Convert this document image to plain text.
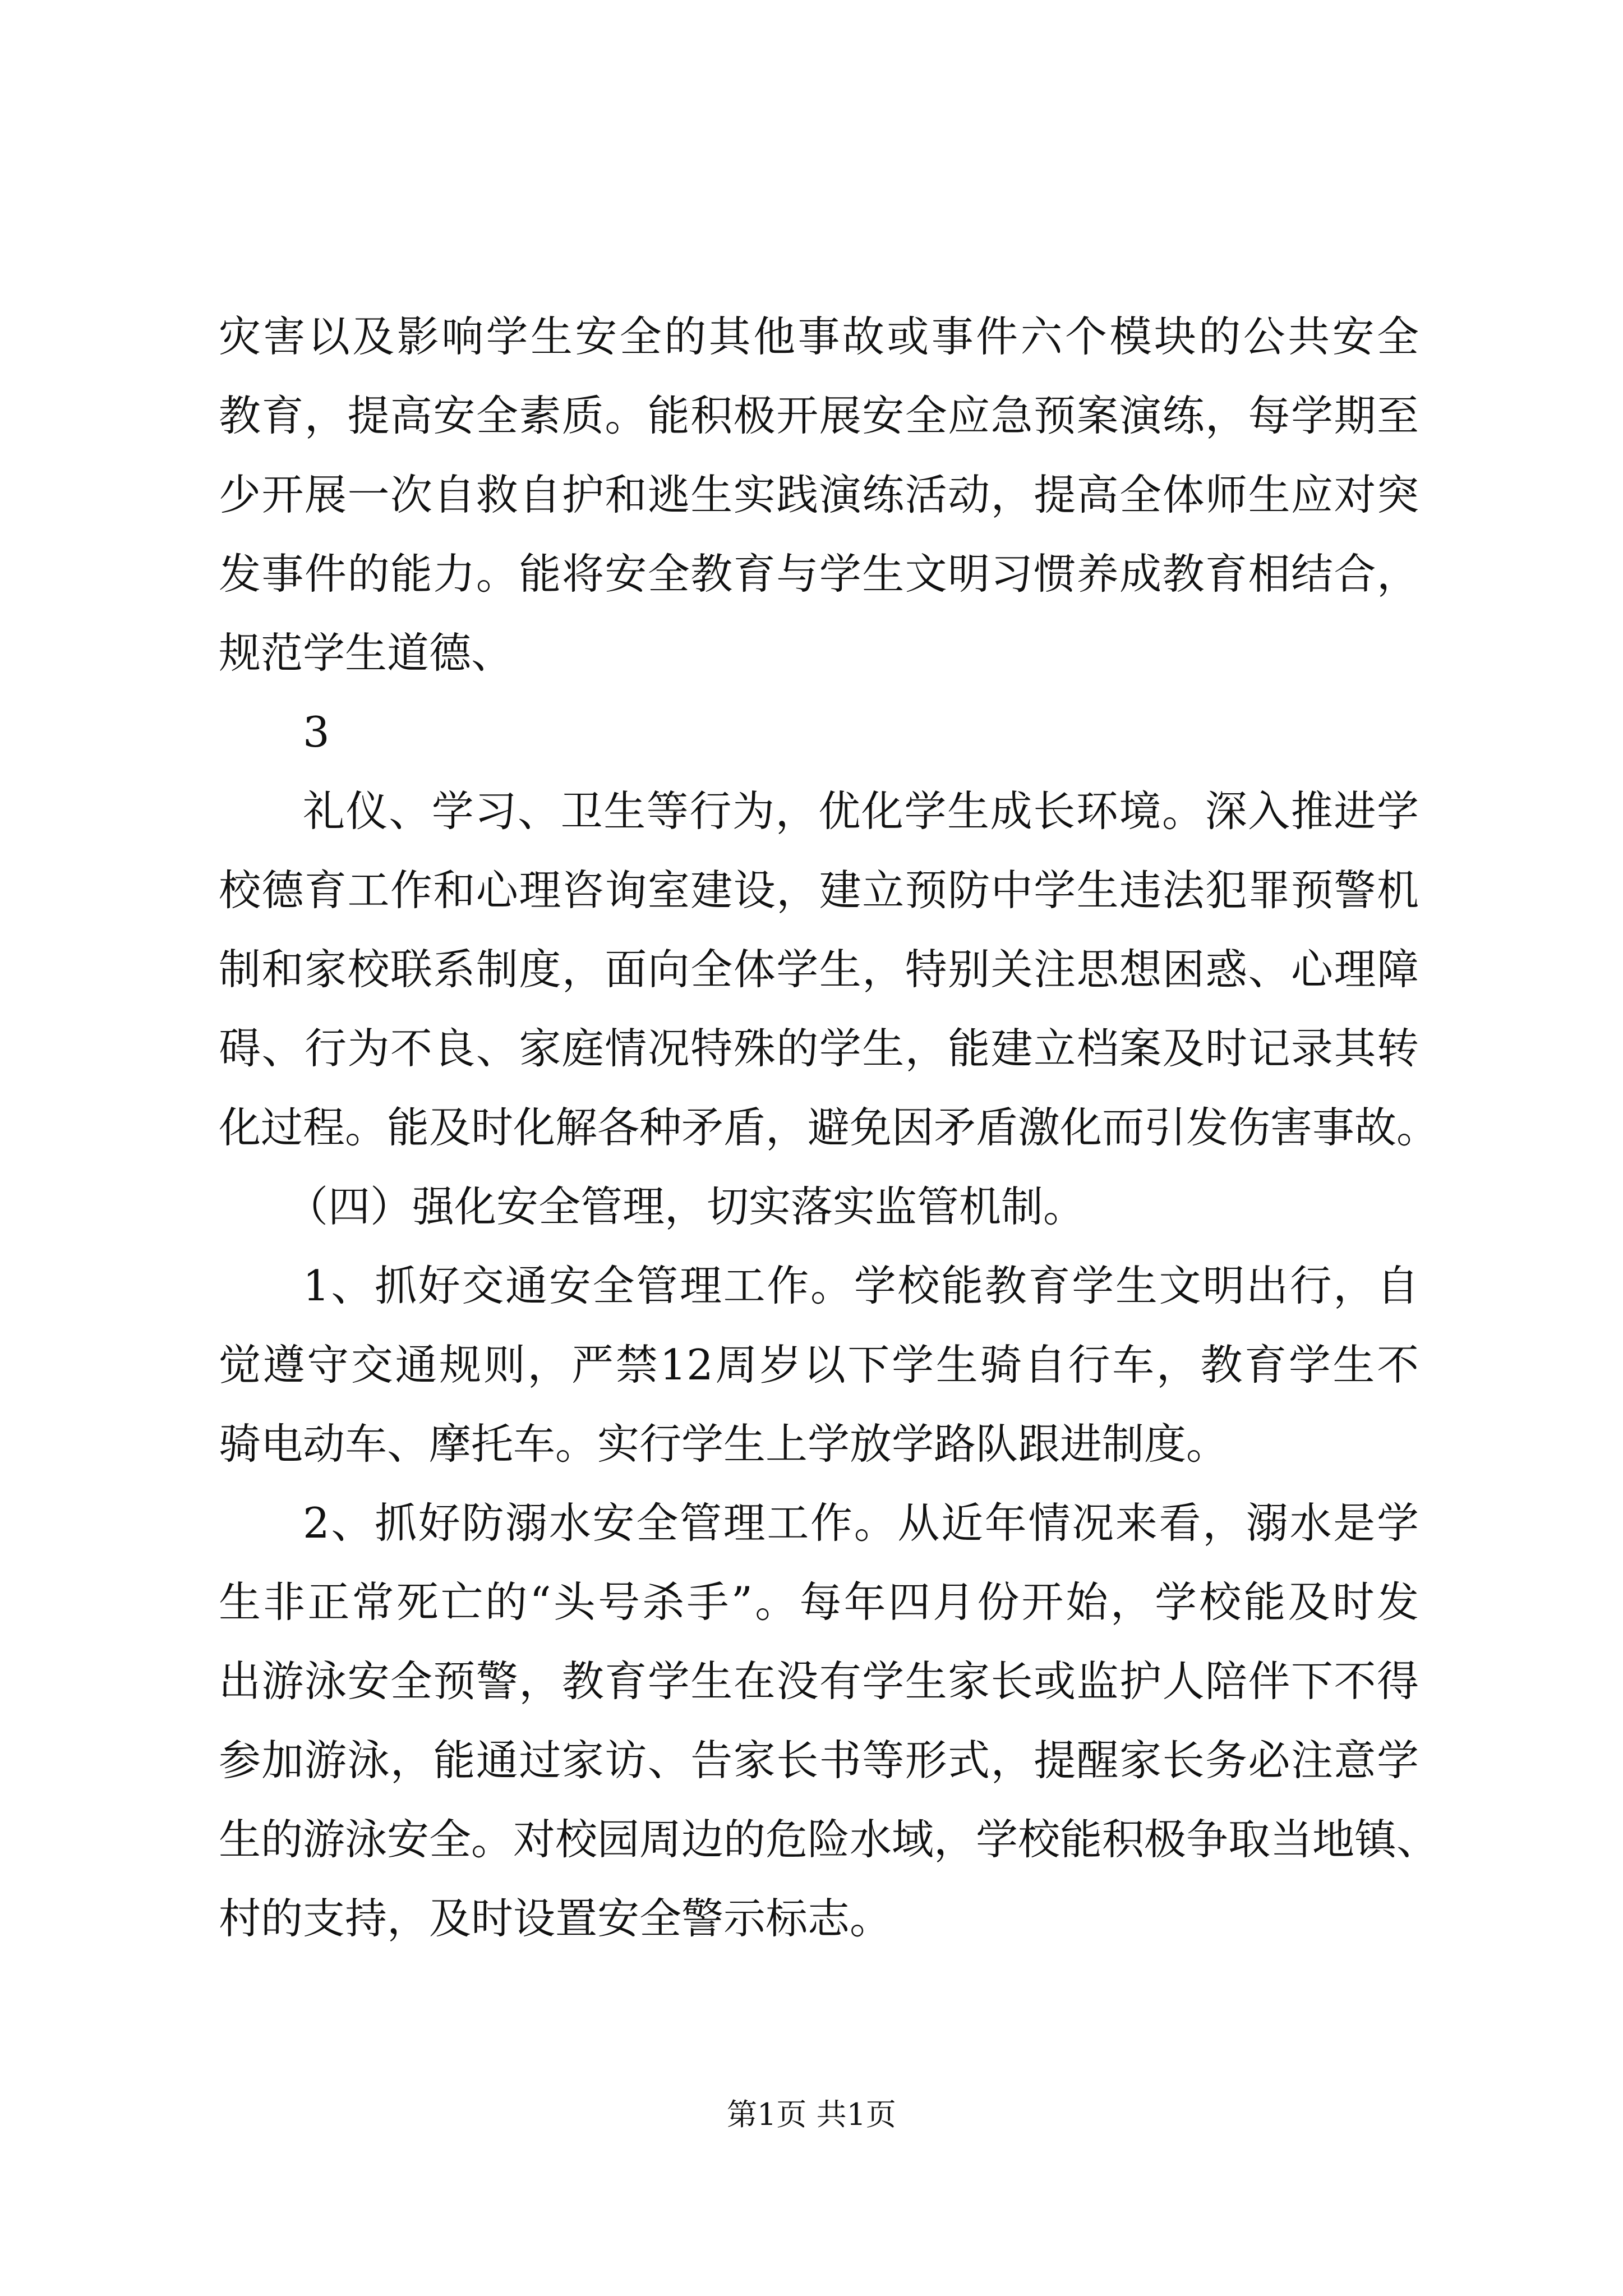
灾害以及影响学生安全的其他事故或事件六个模块的公共安全
教育，提高安全素质。能积极开展安全应急预案演练，每学期至
少开展一次自救自护和逃生实践演练活动，提高全体师生应对突
发事件的能力。能将安全教育与学生文明习惯养成教育相结合，
规范学生道德、
3
礼仪、学习、卫生等行为，优化学生成长环境。深入推进学
校德育工作和心理咨询室建设，建立预防中学生违法犯罪预警机
制和家校联系制度，面向全体学生，特别关注思想困惑、心理障
碍、行为不良、家庭情况特殊的学生，能建立档案及时记录其转
化过程。能及时化解各种矛盾，避免因矛盾激化而引发伤害事故。
（四）强化安全管理，切实落实监管机制。
1、抓好交通安全管理工作。学校能教育学生文明出行，自
觉遵守交通规则，严禁12周岁以下学生骑自行车，教育学生不
骑电动车、摩托车。实行学生上学放学路队跟进制度。
2、抓好防溺水安全管理工作。从近年情况来看，溺水是学
生非正常死亡的“头号杀手”。每年四月份开始，学校能及时发
出游泳安全预警，教育学生在没有学生家长或监护人陪伴下不得
参加游泳，能通过家访、告家长书等形式，提醒家长务必注意学
生的游泳安全。对校园周边的危险水域，学校能积极争取当地镇、
村的支持，及时设置安全警示标志。
第1页 共1页
